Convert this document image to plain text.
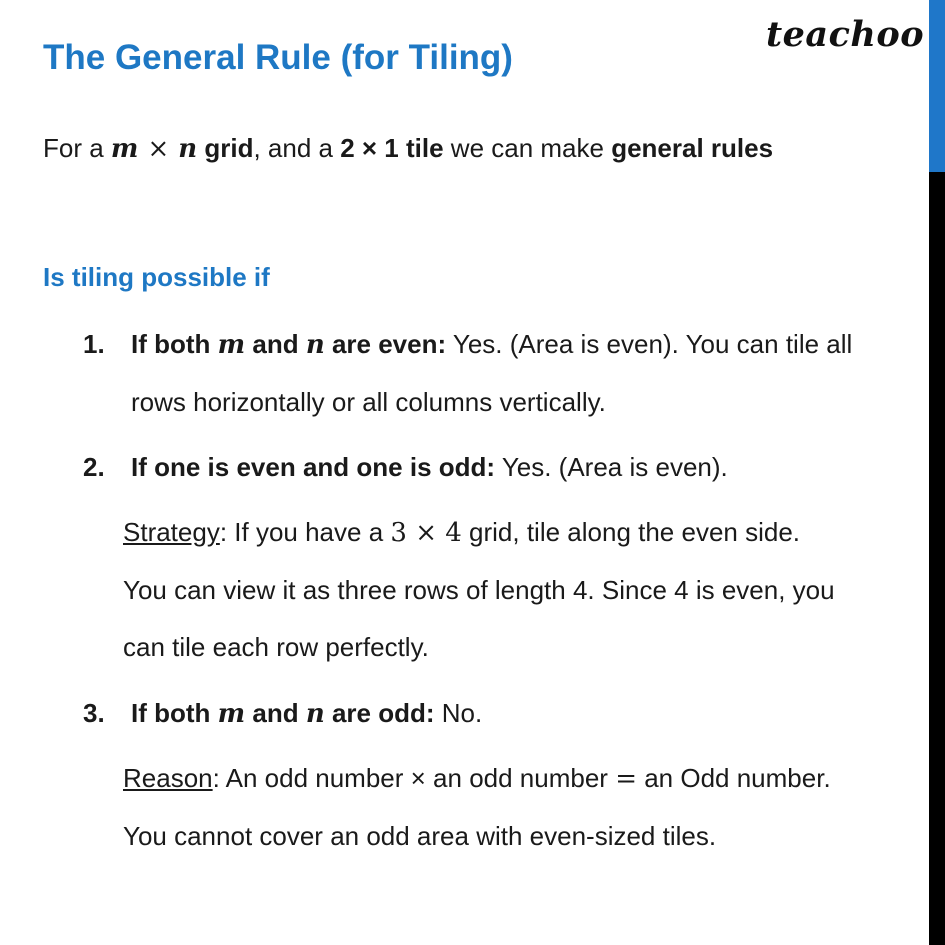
teachoo
The General Rule (for Tiling)
For a m × n grid, and a 2 × 1 tile we can make general rules
Is tiling possible if
1. If both m and n are even: Yes. (Area is even). You can tile all
rows horizontally or all columns vertically.
2. If one is even and one is odd: Yes. (Area is even).
Strategy: If you have a 3 × 4 grid, tile along the even side.
You can view it as three rows of length 4. Since 4 is even, you
can tile each row perfectly.
3. If both m and n are odd: No.
Reason: An odd number × an odd number = an Odd number.
You cannot cover an odd area with even-sized tiles.
